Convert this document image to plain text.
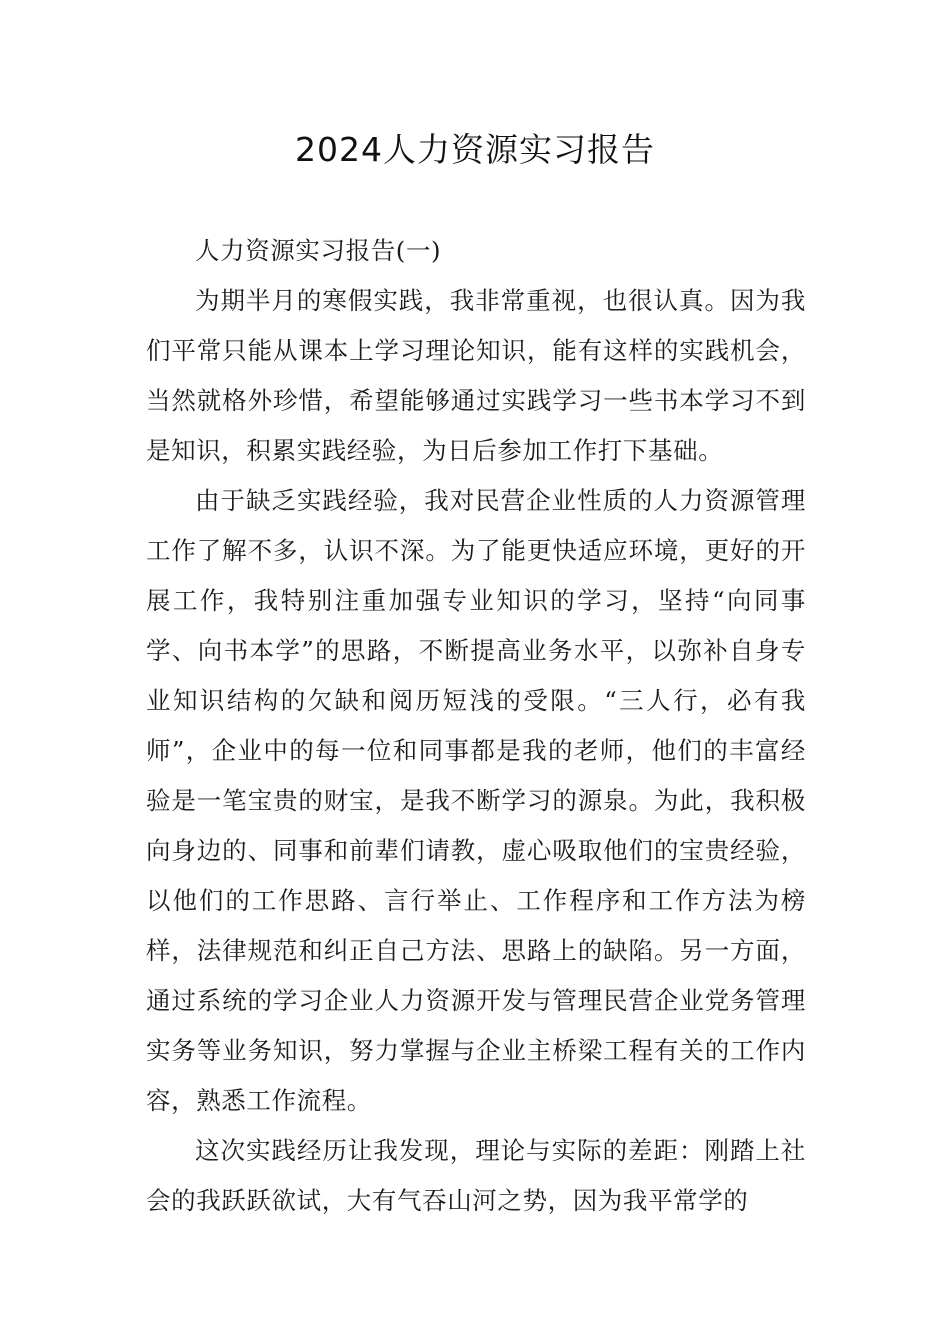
2024人力资源实习报告

人力资源实习报告(一)

为期半月的寒假实践，我非常重视，也很认真。因为我们平常只能从课本上学习理论知识，能有这样的实践机会，当然就格外珍惜，希望能够通过实践学习一些书本学习不到是知识，积累实践经验，为日后参加工作打下基础。

由于缺乏实践经验，我对民营企业性质的人力资源管理工作了解不多，认识不深。为了能更快适应环境，更好的开展工作，我特别注重加强专业知识的学习，坚持“向同事学、向书本学”的思路，不断提高业务水平，以弥补自身专业知识结构的欠缺和阅历短浅的受限。“三人行，必有我师”，企业中的每一位和同事都是我的老师，他们的丰富经验是一笔宝贵的财宝，是我不断学习的源泉。为此，我积极向身边的、同事和前辈们请教，虚心吸取他们的宝贵经验，以他们的工作思路、言行举止、工作程序和工作方法为榜样，法律规范和纠正自己方法、思路上的缺陷。另一方面，通过系统的学习企业人力资源开发与管理民营企业党务管理实务等业务知识，努力掌握与企业主桥梁工程有关的工作内容，熟悉工作流程。

这次实践经历让我发现，理论与实际的差距：刚踏上社会的我跃跃欲试，大有气吞山河之势，因为我平常学的
